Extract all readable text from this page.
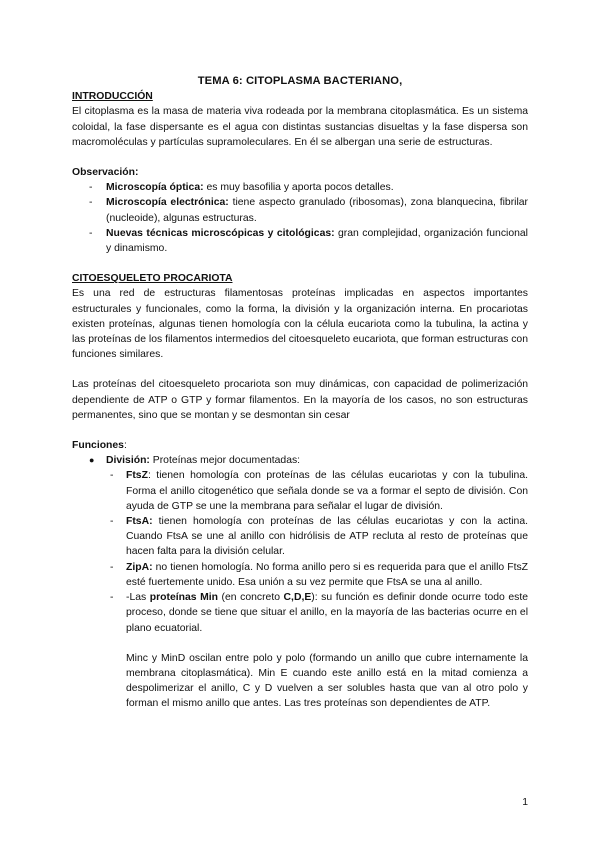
TEMA 6: CITOPLASMA BACTERIANO,

INTRODUCCIÓN

El citoplasma es la masa de materia viva rodeada por la membrana citoplasmática. Es un sistema coloidal, la fase dispersante es el agua con distintas sustancias disueltas y la fase dispersa son macromoléculas y partículas supramoleculares. En él se albergan una serie de estructuras.

Observación:

- Microscopía óptica: es muy basofilia y aporta pocos detalles.
- Microscopía electrónica: tiene aspecto granulado (ribosomas), zona blanquecina, fibrilar (nucleoide), algunas estructuras.
- Nuevas técnicas microscópicas y citológicas: gran complejidad, organización funcional y dinamismo.

CITOESQUELETO PROCARIOTA

Es una red de estructuras filamentosas proteínas implicadas en aspectos importantes estructurales y funcionales, como la forma, la división y la organización interna. En procariotas existen proteínas, algunas tienen homología con la célula eucariota como la tubulina, la actina y las proteínas de los filamentos intermedios del citoesqueleto eucariota, que forman estructuras con funciones similares.

Las proteínas del citoesqueleto procariota son muy dinámicas, con capacidad de polimerización dependiente de ATP o GTP y formar filamentos. En la mayoría de los casos, no son estructuras permanentes, sino que se montan y se desmontan sin cesar

Funciones:

● División: Proteínas mejor documentadas:
- FtsZ: tienen homología con proteínas de las células eucariotas y con la tubulina. Forma el anillo citogenético que señala donde se va a formar el septo de división. Con ayuda de GTP se une la membrana para señalar el lugar de división.
- FtsA: tienen homología con proteínas de las células eucariotas y con la actina. Cuando FtsA se une al anillo con hidrólisis de ATP recluta al resto de proteínas que hacen falta para la división celular.
- ZipA: no tienen homología. No forma anillo pero si es requerida para que el anillo FtsZ esté fuertemente unido. Esa unión a su vez permite que FtsA se una al anillo.
- -Las proteínas Min (en concreto C,D,E): su función es definir donde ocurre todo este proceso, donde se tiene que situar el anillo, en la mayoría de las bacterias ocurre en el plano ecuatorial.

Minc y MinD oscilan entre polo y polo (formando un anillo que cubre internamente la membrana citoplasmática). Min E cuando este anillo está en la mitad comienza a despolimerizar el anillo, C y D vuelven a ser solubles hasta que van al otro polo y forman el mismo anillo que antes. Las tres proteínas son dependientes de ATP.

1
